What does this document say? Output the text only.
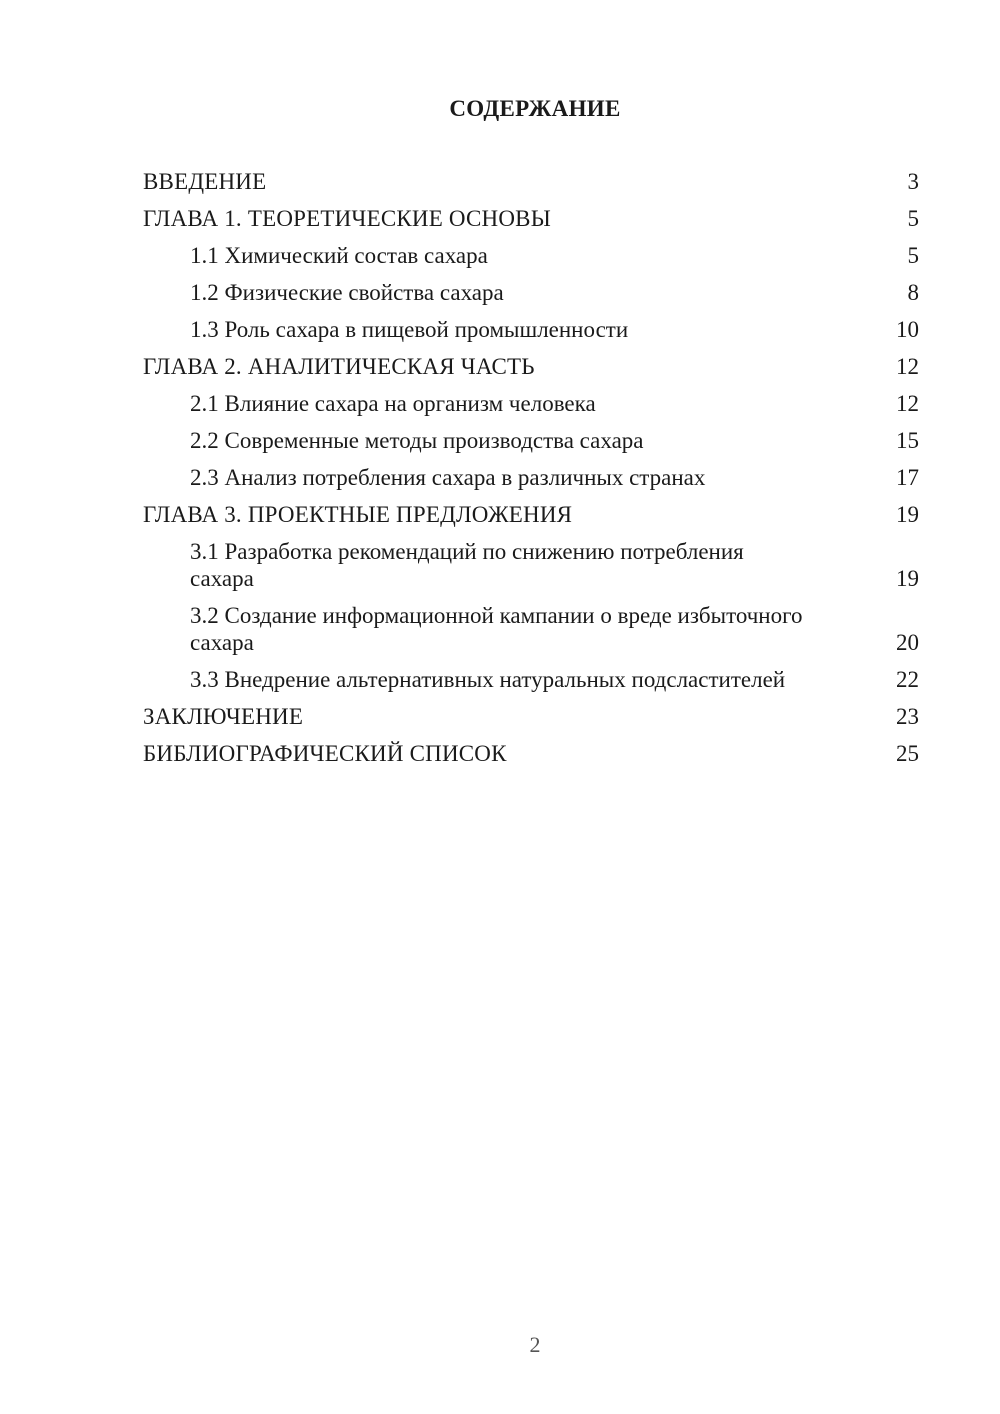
СОДЕРЖАНИЕ
ВВЕДЕНИЕ	3
ГЛАВА 1. ТЕОРЕТИЧЕСКИЕ ОСНОВЫ	5
1.1 Химический состав сахара	5
1.2 Физические свойства сахара	8
1.3 Роль сахара в пищевой промышленности	10
ГЛАВА 2. АНАЛИТИЧЕСКАЯ ЧАСТЬ	12
2.1 Влияние сахара на организм человека	12
2.2 Современные методы производства сахара	15
2.3 Анализ потребления сахара в различных странах	17
ГЛАВА 3. ПРОЕКТНЫЕ ПРЕДЛОЖЕНИЯ	19
3.1 Разработка рекомендаций по снижению потребления сахара	19
3.2 Создание информационной кампании о вреде избыточного сахара	20
3.3 Внедрение альтернативных натуральных подсластителей	22
ЗАКЛЮЧЕНИЕ	23
БИБЛИОГРАФИЧЕСКИЙ СПИСОК	25
2
